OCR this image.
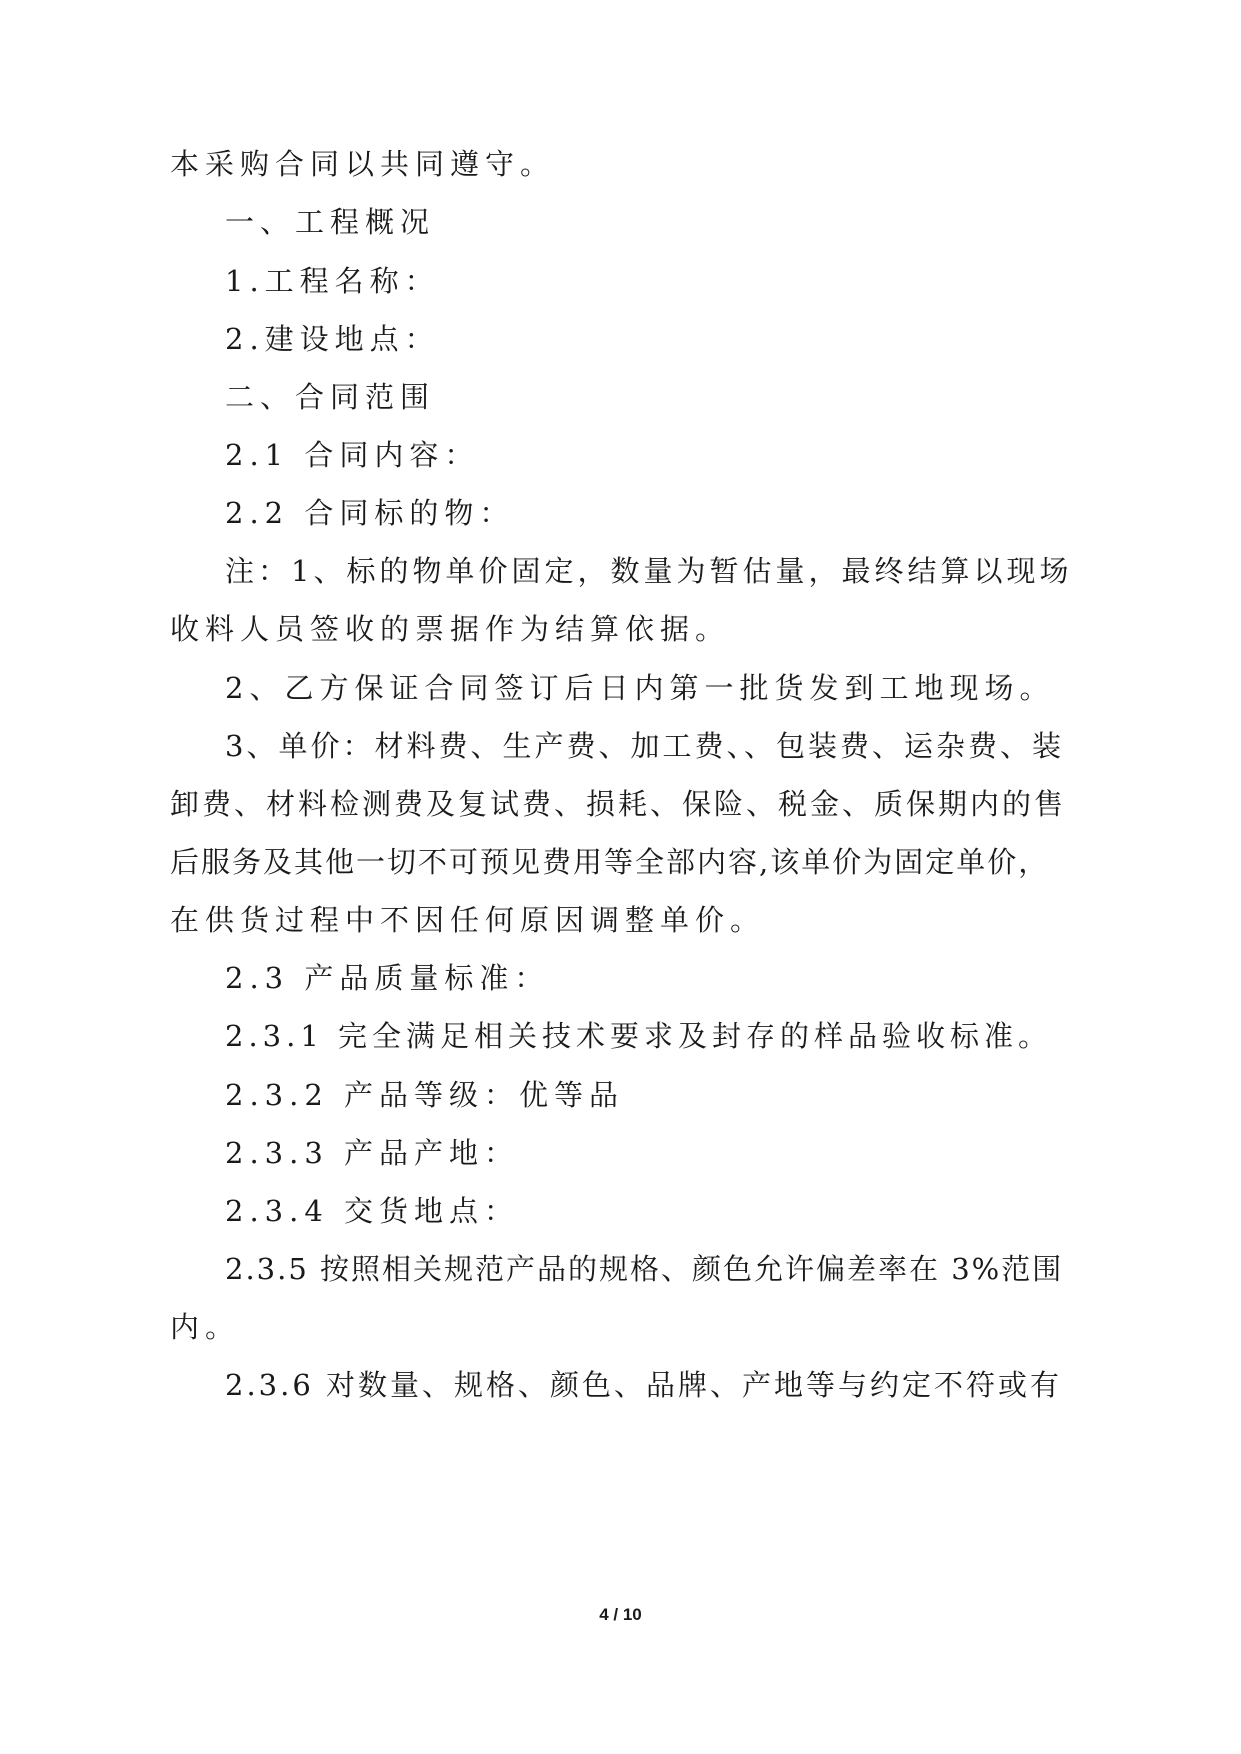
本采购合同以共同遵守。
一、工程概况
1.工程名称：
2.建设地点：
二、合同范围
2.1 合同内容：
2.2 合同标的物：
注：1、标的物单价固定，数量为暂估量，最终结算以现场
收料人员签收的票据作为结算依据。
2、乙方保证合同签订后日内第一批货发到工地现场。
3、单价：材料费、生产费、加工费、、包装费、运杂费、装
卸费、材料检测费及复试费、损耗、保险、税金、质保期内的售
后服务及其他一切不可预见费用等全部内容,该单价为固定单价，
在供货过程中不因任何原因调整单价。
2.3 产品质量标准：
2.3.1 完全满足相关技术要求及封存的样品验收标准。
2.3.2 产品等级：优等品
2.3.3 产品产地：
2.3.4 交货地点：
2.3.5 按照相关规范产品的规格、颜色允许偏差率在 3%范围
内。
2.3.6 对数量、规格、颜色、品牌、产地等与约定不符或有
4 / 10
